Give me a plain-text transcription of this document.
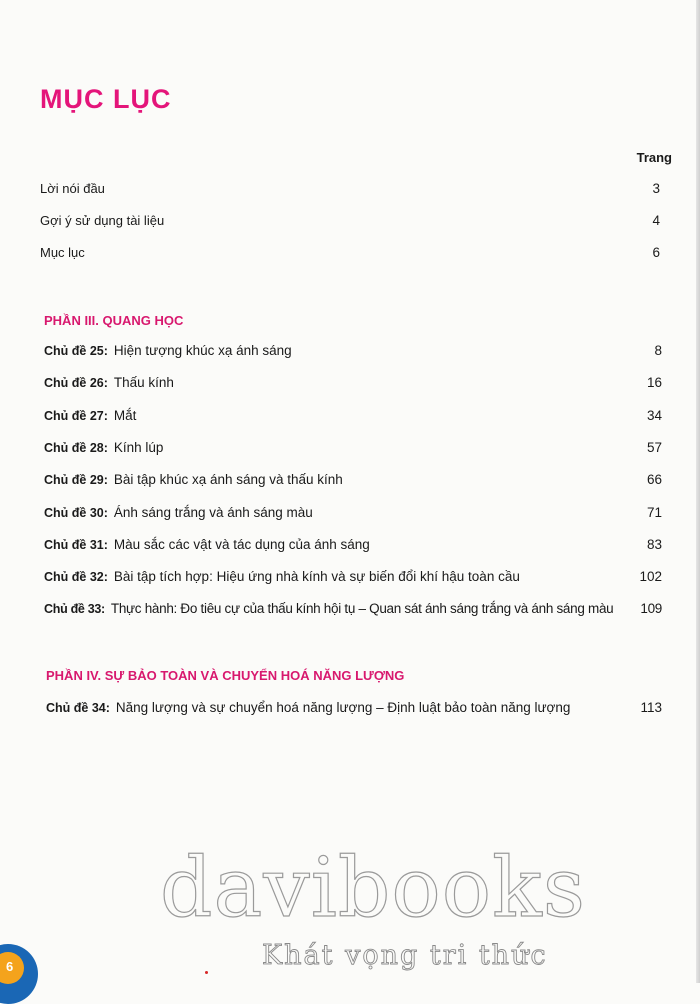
MỤC LỤC
Trang
Lời nói đầu	3
Gợi ý sử dụng tài liệu	4
Mục lục	6
PHẦN III. QUANG HỌC
Chủ đề 25: Hiện tượng khúc xạ ánh sáng	8
Chủ đề 26: Thấu kính	16
Chủ đề 27: Mắt	34
Chủ đề 28: Kính lúp	57
Chủ đề 29: Bài tập khúc xạ ánh sáng và thấu kính	66
Chủ đề 30: Ánh sáng trắng và ánh sáng màu	71
Chủ đề 31: Màu sắc các vật và tác dụng của ánh sáng	83
Chủ đề 32: Bài tập tích hợp: Hiệu ứng nhà kính và sự biến đổi khí hậu toàn cầu	102
Chủ đề 33: Thực hành: Đo tiêu cự của thấu kính hội tụ – Quan sát ánh sáng trắng và ánh sáng màu	109
PHẦN IV. SỰ BẢO TOÀN VÀ CHUYỂN HOÁ NĂNG LƯỢNG
Chủ đề 34: Năng lượng và sự chuyển hoá năng lượng – Định luật bảo toàn năng lượng	113
davibooks
Khát vọng tri thức
6
